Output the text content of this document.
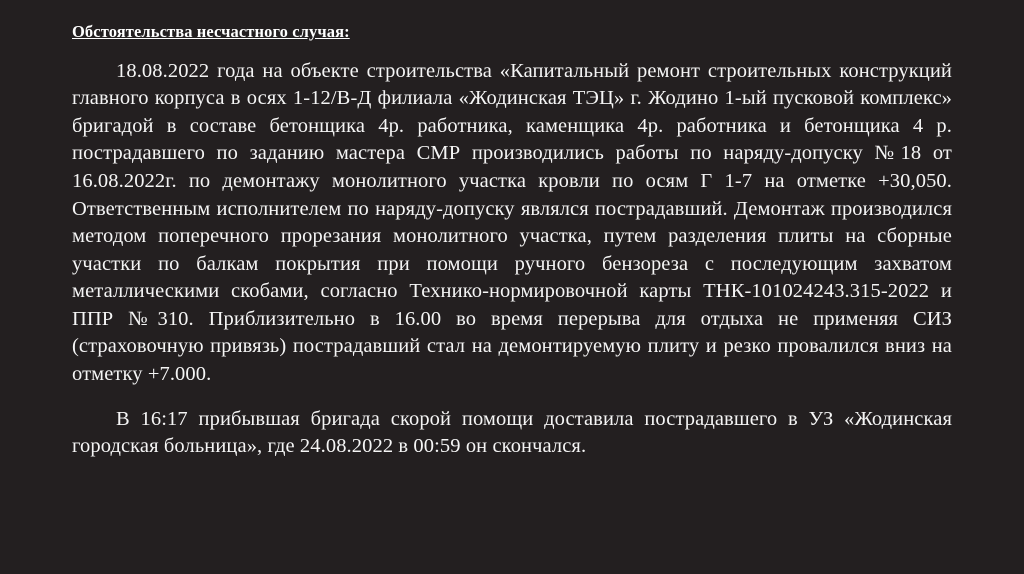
Обстоятельства несчастного случая:

18.08.2022 года на объекте строительства «Капитальный ремонт строительных конструкций главного корпуса в осях 1-12/В-Д филиала «Жодинская ТЭЦ» г. Жодино 1-ый пусковой комплекс» бригадой в составе бетонщика 4р. работника, каменщика 4р. работника и бетонщика 4 р. пострадавшего по заданию мастера СМР производились работы по наряду-допуску №18 от 16.08.2022г. по демонтажу монолитного участка кровли по осям Г 1-7 на отметке +30,050. Ответственным исполнителем по наряду-допуску являлся пострадавший. Демонтаж производился методом поперечного прорезания монолитного участка, путем разделения плиты на сборные участки по балкам покрытия при помощи ручного бензореза с последующим захватом металлическими скобами, согласно Технико-нормировочной карты ТНК-101024243.315-2022 и ППР №310. Приблизительно в 16.00 во время перерыва для отдыха не применяя СИЗ (страховочную привязь) пострадавший стал на демонтируемую плиту и резко провалился вниз на отметку +7.000.

В 16:17 прибывшая бригада скорой помощи доставила пострадавшего в УЗ «Жодинская городская больница», где 24.08.2022 в 00:59 он скончался.
